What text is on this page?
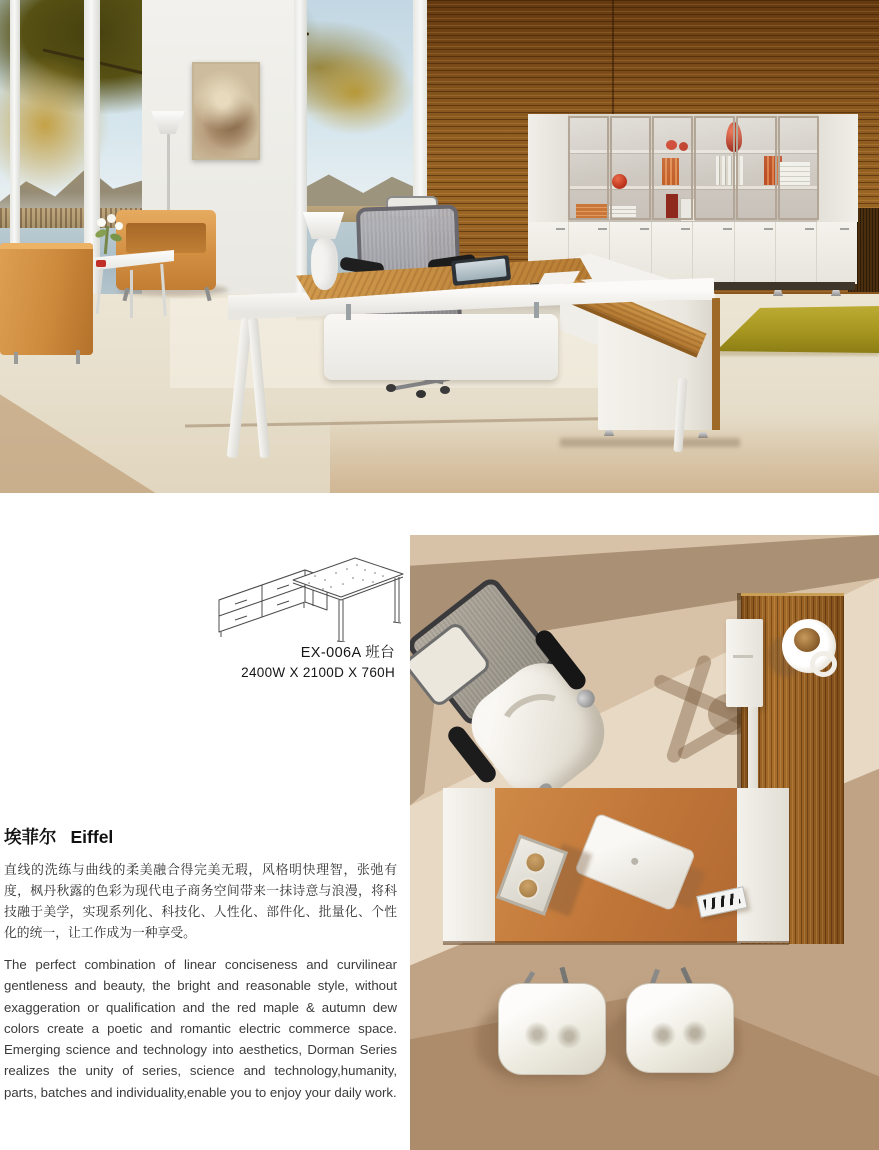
EX-006A 班台
2400W X 2100D X 760H
埃菲尔 Eiffel

直线的洗练与曲线的柔美融合得完美无瑕，风格明快理智，张弛有度，枫丹秋露的色彩为现代电子商务空间带来一抹诗意与浪漫，将科技融于美学，实现系列化、科技化、人性化、部件化、批量化、个性化的统一，让工作成为一种享受。

The perfect combination of linear conciseness and curvilinear gentleness and beauty, the bright and reasonable style, without exaggeration or qualification and the red maple & autumn dew colors create a poetic and romantic electric commerce space. Emerging science and technology into aesthetics, Dorman Series realizes the unity of series, science and technology,humanity, parts, batches and individuality,enable you to enjoy your daily work.
